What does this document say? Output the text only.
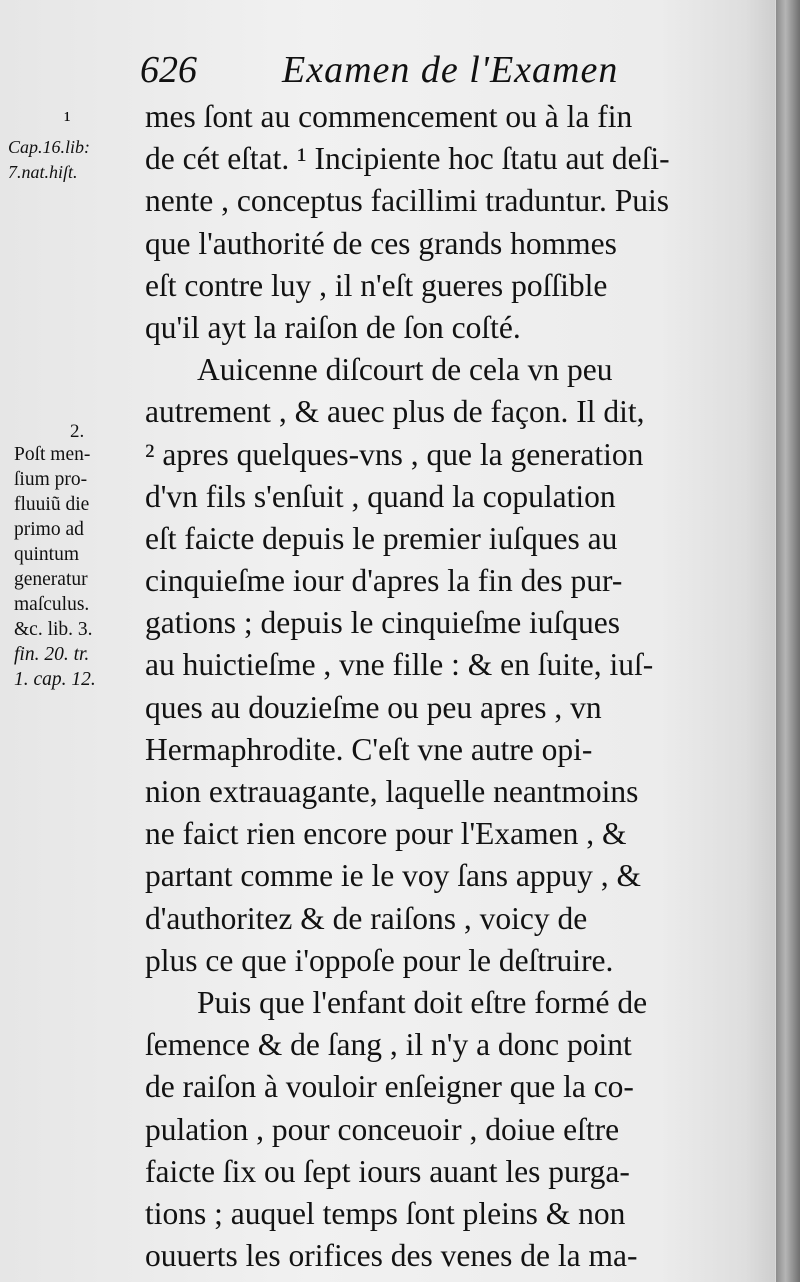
626 Examen de l'Examen
mes ſont au commencement ou à la fin
de cét eſtat. ¹ Incipiente hoc ſtatu aut deſi-
nente , conceptus facillimi traduntur. Puis
que l'authorité de ces grands hommes
eſt contre luy , il n'eſt gueres poſſible
qu'il ayt la raiſon de ſon coſté.
Auicenne diſcourt de cela vn peu
autrement , & auec plus de façon. Il dit,
² apres quelques-vns , que la generation
d'vn fils s'enſuit , quand la copulation
eſt faicte depuis le premier iuſques au
cinquieſme iour d'apres la fin des pur-
gations ; depuis le cinquieſme iuſques
au huictieſme , vne fille : & en ſuite, iuſ-
ques au douzieſme ou peu apres , vn
Hermaphrodite. C'eſt vne autre opi-
nion extrauagante, laquelle neantmoins
ne faict rien encore pour l'Examen , &
partant comme ie le voy ſans appuy , &
d'authoritez & de raiſons , voicy de
plus ce que i'oppoſe pour le deſtruire.
Puis que l'enfant doit eſtre formé de
ſemence & de ſang , il n'y a donc point
de raiſon à vouloir enſeigner que la co-
pulation , pour conceuoir , doiue eſtre
faicte ſix ou ſept iours auant les purga-
tions ; auquel temps ſont pleins & non
ouuerts les orifices des venes de la ma-
¹
Cap.16.lib:
7.nat.hiſt.
2.
Poſt men-
ſium pro-
fluuiũ die
primo ad
quintum
generatur
maſculus.
&c. lib. 3.
fin. 20. tr.
1. cap. 12.
